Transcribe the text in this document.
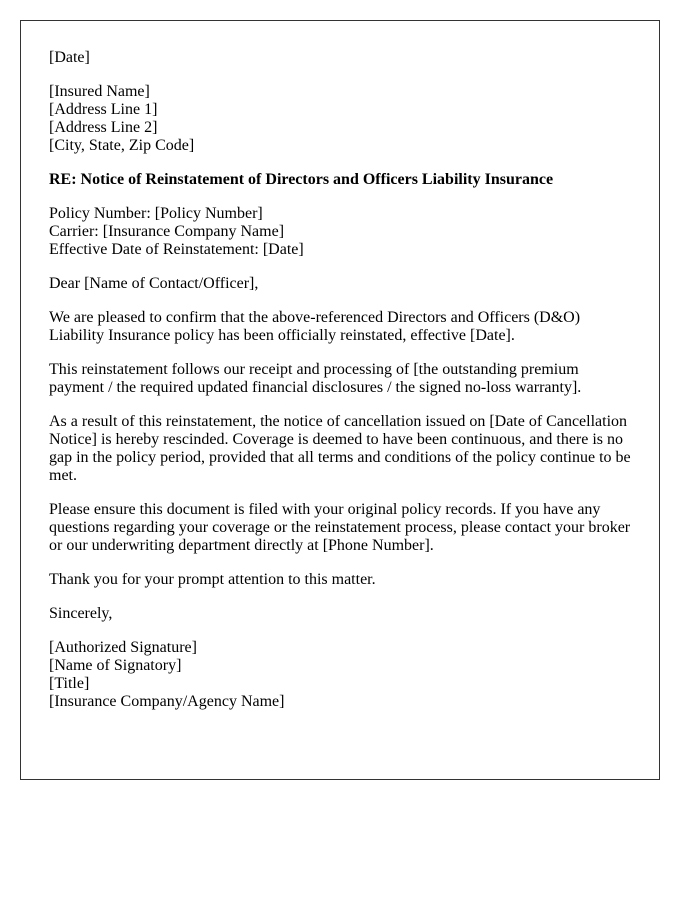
[Date]

[Insured Name]
[Address Line 1]
[Address Line 2]
[City, State, Zip Code]

RE: Notice of Reinstatement of Directors and Officers Liability Insurance

Policy Number: [Policy Number]
Carrier: [Insurance Company Name]
Effective Date of Reinstatement: [Date]

Dear [Name of Contact/Officer],

We are pleased to confirm that the above-referenced Directors and Officers (D&O) Liability Insurance policy has been officially reinstated, effective [Date].

This reinstatement follows our receipt and processing of [the outstanding premium payment / the required updated financial disclosures / the signed no-loss warranty].

As a result of this reinstatement, the notice of cancellation issued on [Date of Cancellation Notice] is hereby rescinded. Coverage is deemed to have been continuous, and there is no gap in the policy period, provided that all terms and conditions of the policy continue to be met.

Please ensure this document is filed with your original policy records. If you have any questions regarding your coverage or the reinstatement process, please contact your broker or our underwriting department directly at [Phone Number].

Thank you for your prompt attention to this matter.

Sincerely,

[Authorized Signature]
[Name of Signatory]
[Title]
[Insurance Company/Agency Name]
